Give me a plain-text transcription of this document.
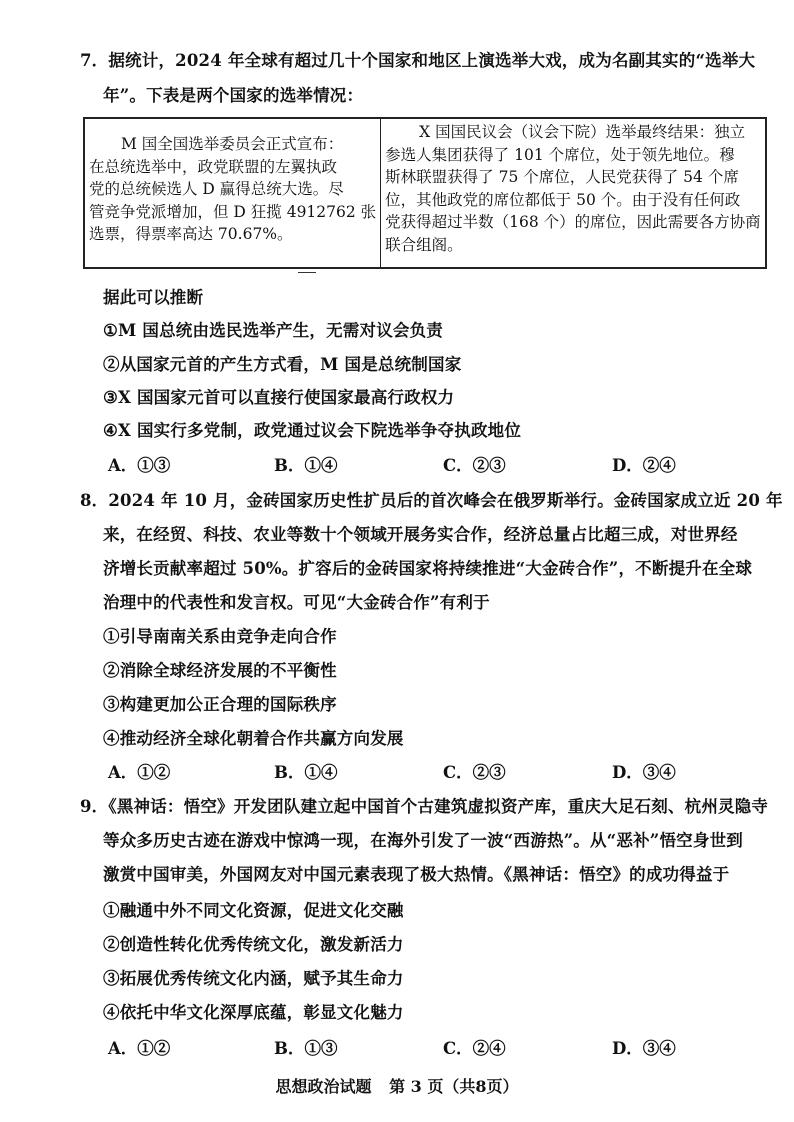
7．据统计，2024 年全球有超过几十个国家和地区上演选举大戏，成为名副其实的“选举大
年”。下表是两个国家的选举情况：
M 国全国选举委员会正式宣布：
在总统选举中，政党联盟的左翼执政
党的总统候选人 D 赢得总统大选。尽
管竞争党派增加，但 D 狂揽 4912762 张
选票，得票率高达 70.67%。

X 国国民议会（议会下院）选举最终结果：独立
参选人集团获得了 101 个席位，处于领先地位。穆
斯林联盟获得了 75 个席位，人民党获得了 54 个席
位，其他政党的席位都低于 50 个。由于没有任何政
党获得超过半数（168 个）的席位，因此需要各方协商
联合组阁。
据此可以推断
①M 国总统由选民选举产生，无需对议会负责
②从国家元首的产生方式看，M 国是总统制国家
③X 国国家元首可以直接行使国家最高行政权力
④X 国实行多党制，政党通过议会下院选举争夺执政地位
A．①③	B．①④	C．②③	D．②④
8．2024 年 10 月，金砖国家历史性扩员后的首次峰会在俄罗斯举行。金砖国家成立近 20 年
来，在经贸、科技、农业等数十个领域开展务实合作，经济总量占比超三成，对世界经
济增长贡献率超过 50%。扩容后的金砖国家将持续推进“大金砖合作”，不断提升在全球
治理中的代表性和发言权。可见“大金砖合作”有利于
①引导南南关系由竞争走向合作
②消除全球经济发展的不平衡性
③构建更加公正合理的国际秩序
④推动经济全球化朝着合作共赢方向发展
A．①②	B．①④	C．②③	D．③④
9．《黑神话：悟空》开发团队建立起中国首个古建筑虚拟资产库，重庆大足石刻、杭州灵隐寺
等众多历史古迹在游戏中惊鸿一现，在海外引发了一波“西游热”。从“恶补”悟空身世到
激赏中国审美，外国网友对中国元素表现了极大热情。《黑神话：悟空》的成功得益于
①融通中外不同文化资源，促进文化交融
②创造性转化优秀传统文化，激发新活力
③拓展优秀传统文化内涵，赋予其生命力
④依托中华文化深厚底蕴，彰显文化魅力
A．①②	B．①③	C．②④	D．③④
思想政治试题 第 3 页（共8页）
